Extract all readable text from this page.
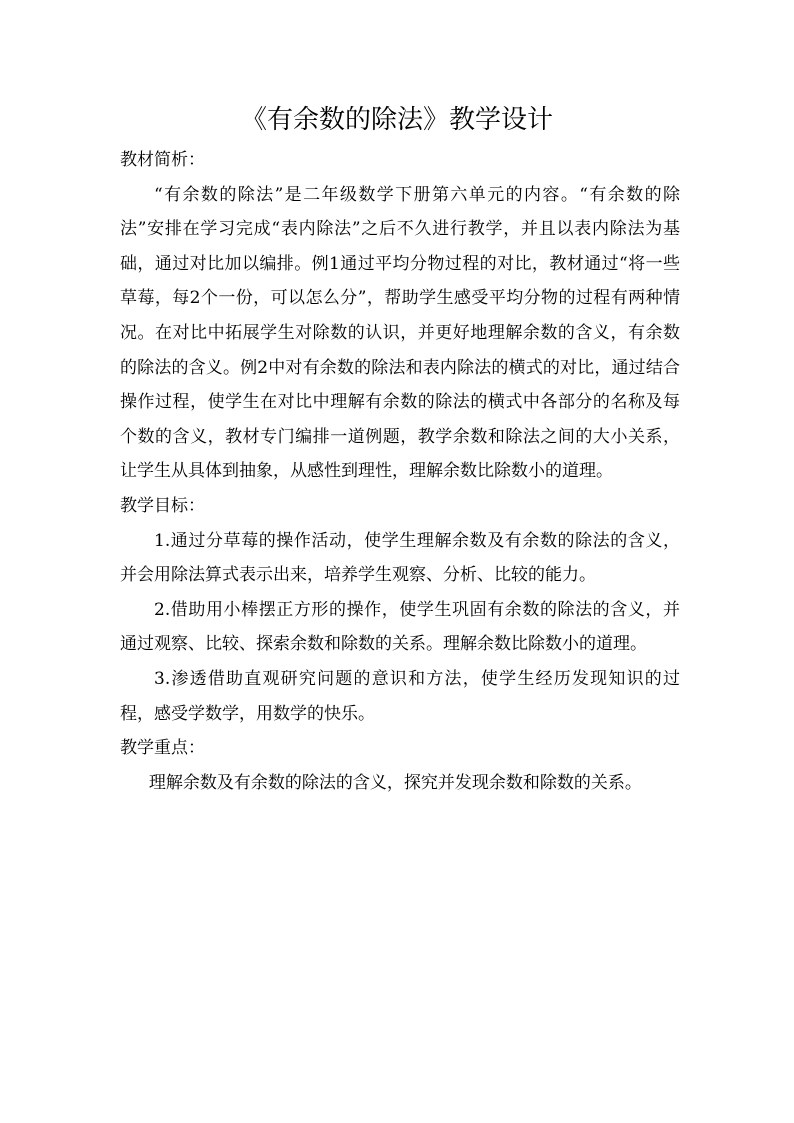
《有余数的除法》教学设计

教材简析：

“有余数的除法”是二年级数学下册第六单元的内容。“有余数的除法”安排在学习完成“表内除法”之后不久进行教学，并且以表内除法为基础，通过对比加以编排。例1通过平均分物过程的对比，教材通过“将一些草莓，每2个一份，可以怎么分”，帮助学生感受平均分物的过程有两种情况。在对比中拓展学生对除数的认识，并更好地理解余数的含义，有余数的除法的含义。例2中对有余数的除法和表内除法的横式的对比，通过结合操作过程，使学生在对比中理解有余数的除法的横式中各部分的名称及每个数的含义，教材专门编排一道例题，教学余数和除法之间的大小关系，让学生从具体到抽象，从感性到理性，理解余数比除数小的道理。

教学目标：

1.通过分草莓的操作活动，使学生理解余数及有余数的除法的含义，并会用除法算式表示出来，培养学生观察、分析、比较的能力。

2.借助用小棒摆正方形的操作，使学生巩固有余数的除法的含义，并通过观察、比较、探索余数和除数的关系。理解余数比除数小的道理。

3.渗透借助直观研究问题的意识和方法，使学生经历发现知识的过程，感受学数学，用数学的快乐。

教学重点：

理解余数及有余数的除法的含义，探究并发现余数和除数的关系。
